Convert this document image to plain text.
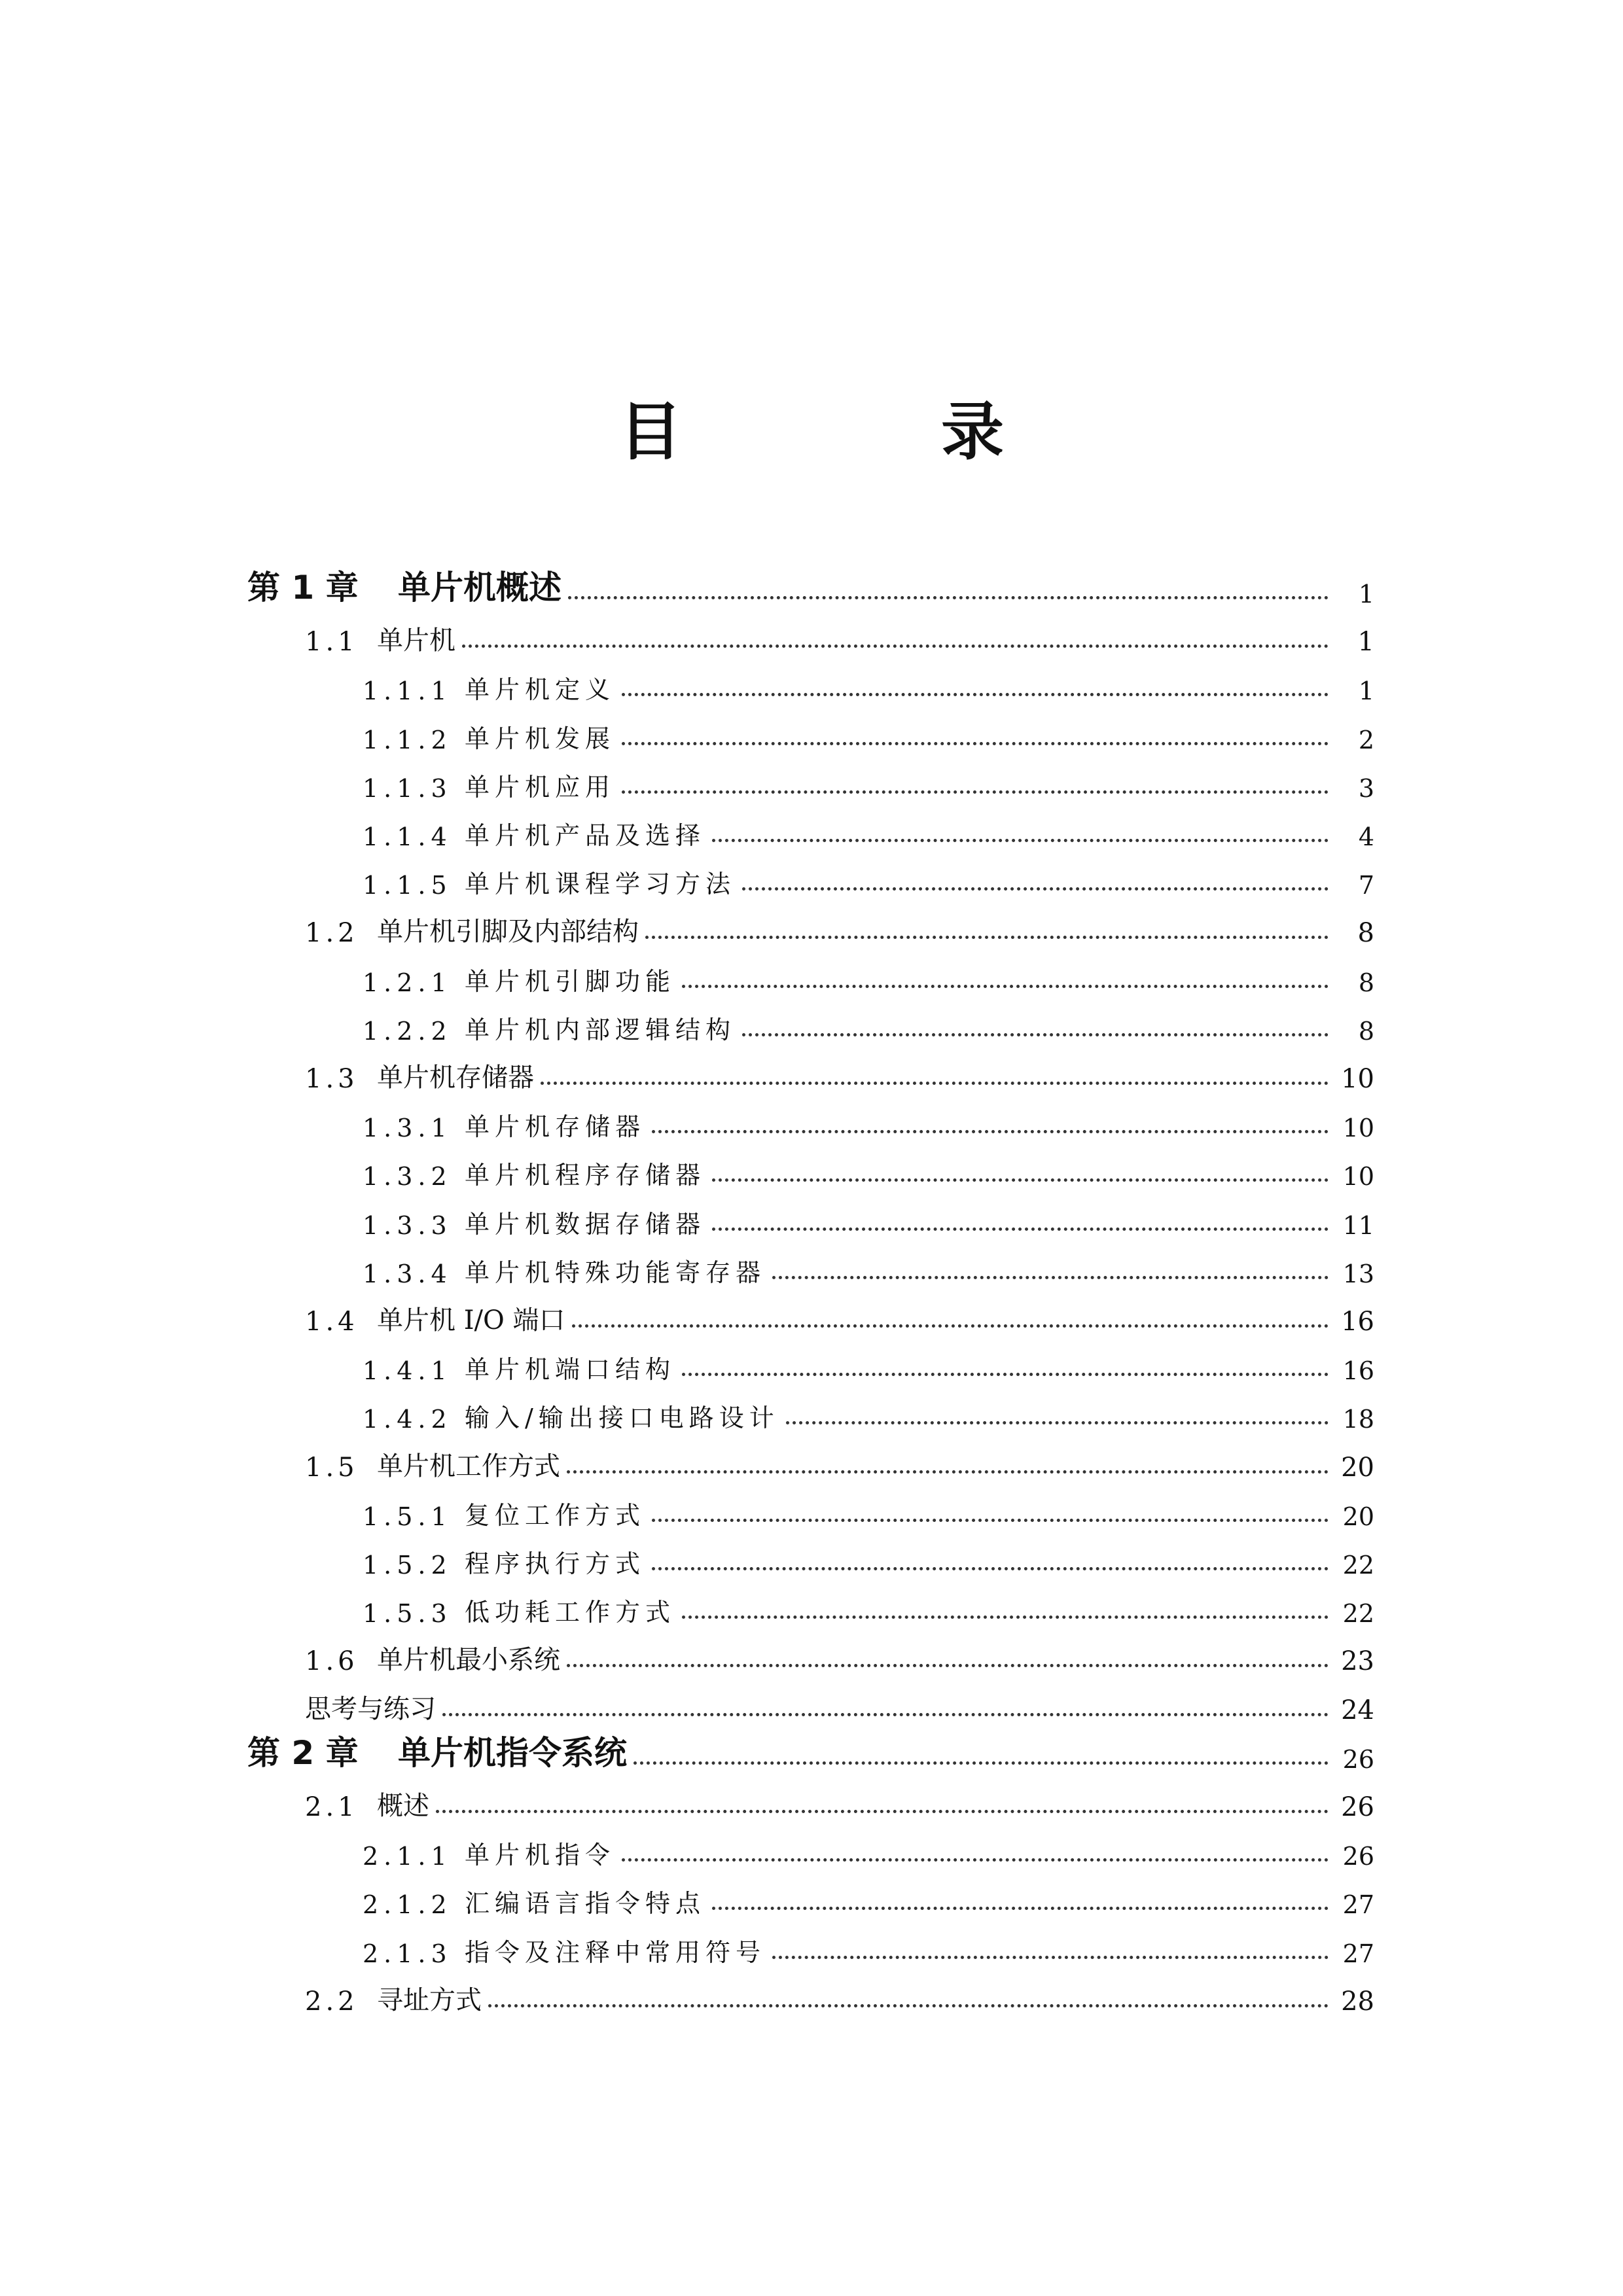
目　录
第 1 章	单片机概述	1
1.1 单片机	1
1.1.1 单片机定义	1
1.1.2 单片机发展	2
1.1.3 单片机应用	3
1.1.4 单片机产品及选择	4
1.1.5 单片机课程学习方法	7
1.2 单片机引脚及内部结构	8
1.2.1 单片机引脚功能	8
1.2.2 单片机内部逻辑结构	8
1.3 单片机存储器	10
1.3.1 单片机存储器	10
1.3.2 单片机程序存储器	10
1.3.3 单片机数据存储器	11
1.3.4 单片机特殊功能寄存器	13
1.4 单片机 I/O 端口	16
1.4.1 单片机端口结构	16
1.4.2 输入/输出接口电路设计	18
1.5 单片机工作方式	20
1.5.1 复位工作方式	20
1.5.2 程序执行方式	22
1.5.3 低功耗工作方式	22
1.6 单片机最小系统	23
思考与练习	24
第 2 章	单片机指令系统	26
2.1 概述	26
2.1.1 单片机指令	26
2.1.2 汇编语言指令特点	27
2.1.3 指令及注释中常用符号	27
2.2 寻址方式	28
